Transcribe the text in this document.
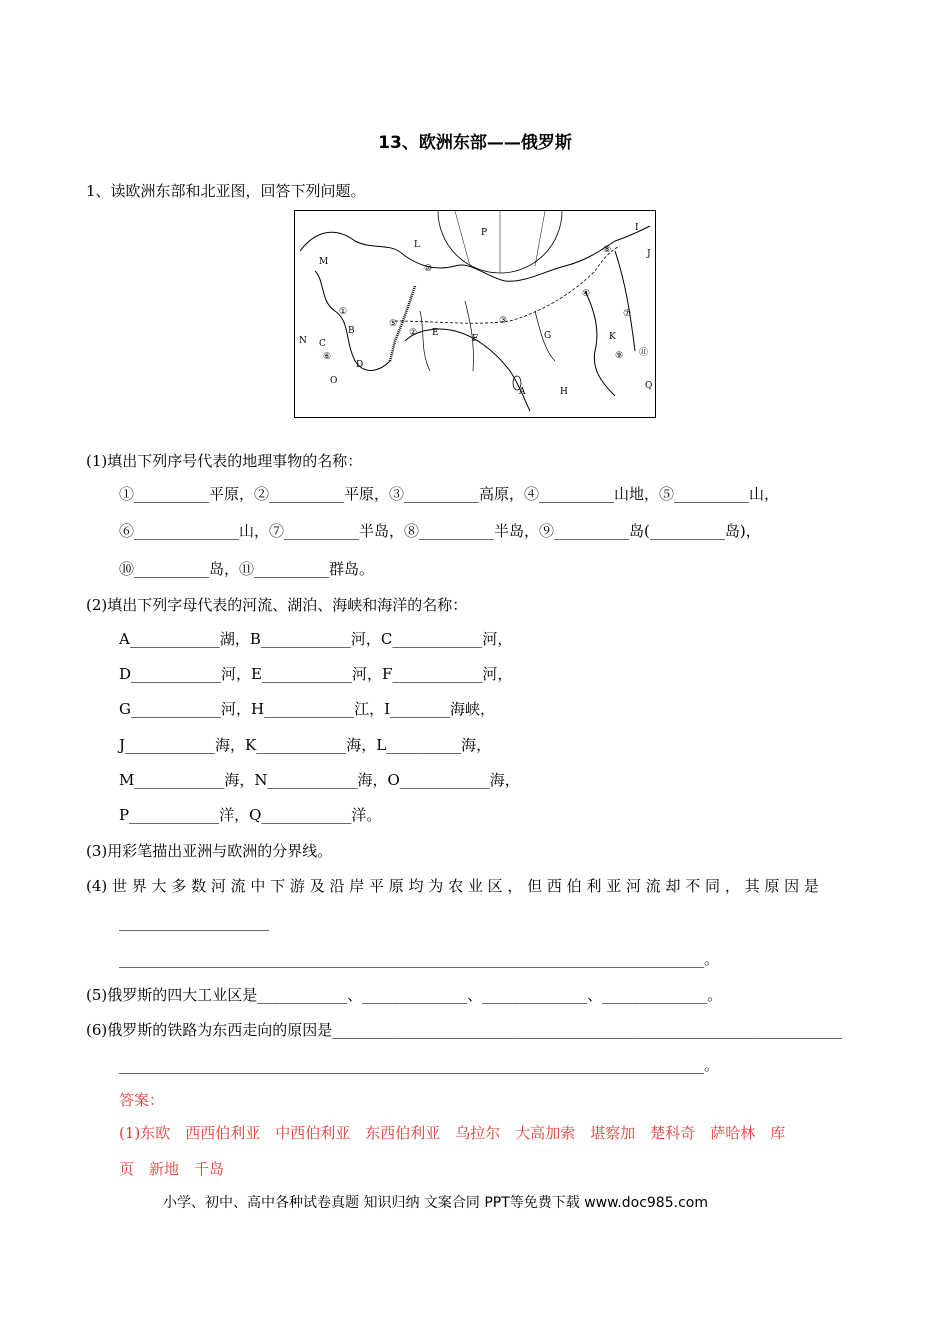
13、欧洲东部——俄罗斯
1、读欧洲东部和北亚图，回答下列问题。
P
L
I
J
M
B
C
N
O
D
E
F	G	K
Q
A	H
①
②
③
④
⑤
⑥
⑦
⑧
⑨
⑩
⑪
(1)填出下列序号代表的地理事物的名称：
①__________平原，②__________平原，③__________高原，④__________山地，⑤__________山，
⑥______________山，⑦__________半岛，⑧__________半岛，⑨__________岛(__________岛)，
⑩__________岛，⑪__________群岛。
(2)填出下列字母代表的河流、湖泊、海峡和海洋的名称：
A____________湖，B____________河，C____________河，
D____________河，E____________河，F____________河，
G____________河，H____________江，I________海峡，
J____________海，K____________海，L__________海，
M____________海，N____________海，O____________海，
P____________洋，Q____________洋。
(3)用彩笔描出亚洲与欧洲的分界线。
(4) 世 界 大 多 数 河 流 中 下 游 及 沿 岸 平 原 均 为 农 业 区 ， 但 西 伯 利 亚 河 流 却 不 同 ， 其 原 因 是
____________________
______________________________________________________________________________。
(5)俄罗斯的四大工业区是____________、______________、______________、______________。
(6)俄罗斯的铁路为东西走向的原因是____________________________________________________________________
______________________________________________________________________________。
答案：
(1)东欧　西西伯利亚　中西伯利亚　东西伯利亚　乌拉尔　大高加索　堪察加　楚科奇　萨哈林　库
页　新地　千岛
小学、初中、高中各种试卷真题 知识归纳 文案合同 PPT等免费下载 www.doc985.com
